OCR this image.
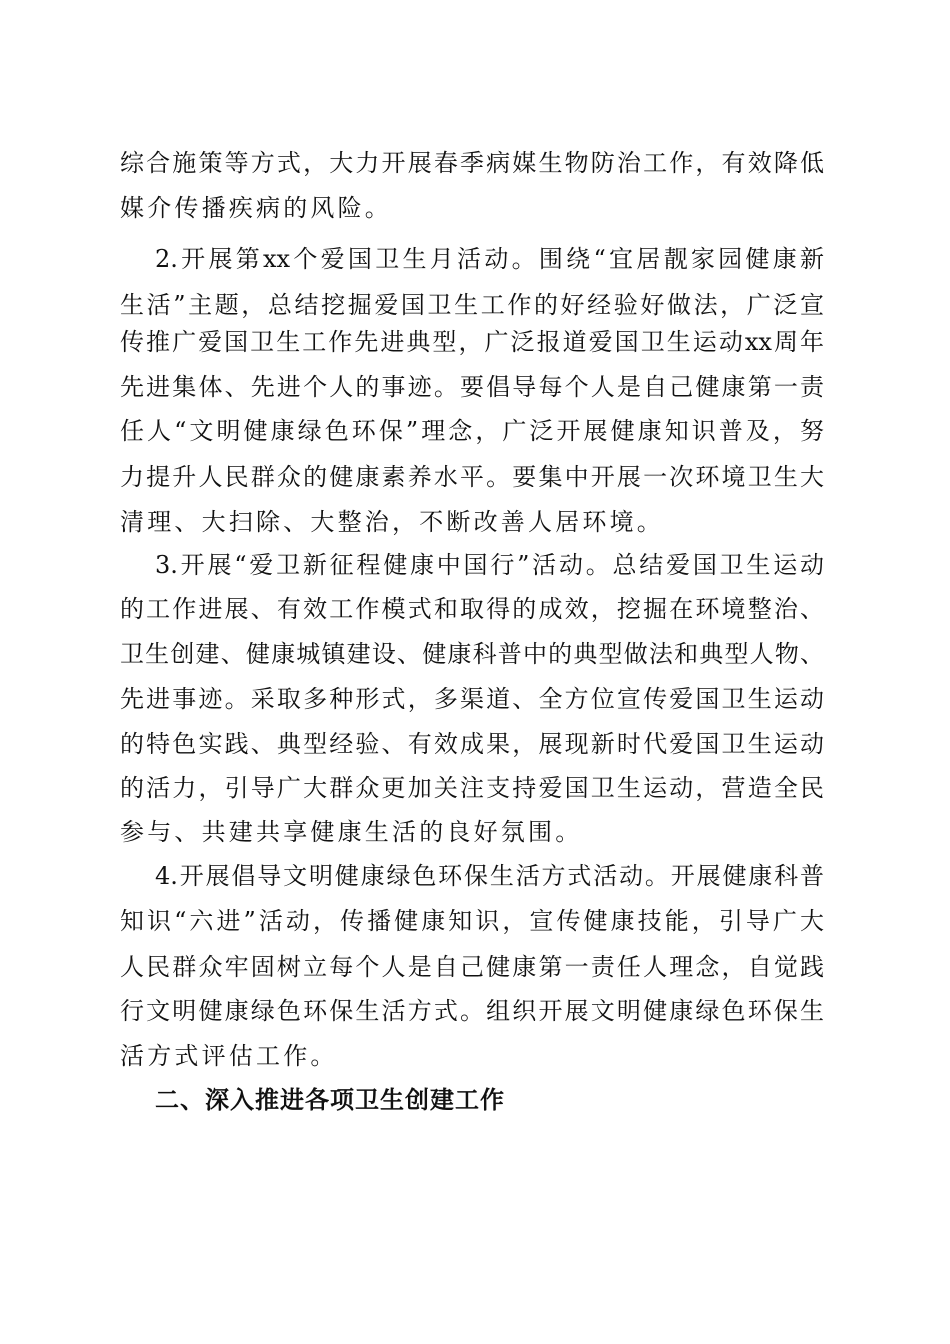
综合施策等方式，大力开展春季病媒生物防治工作，有效降低
媒介传播疾病的风险。
2.开展第xx个爱国卫生月活动。围绕“宜居靓家园健康新
生活”主题，总结挖掘爱国卫生工作的好经验好做法，广泛宣
传推广爱国卫生工作先进典型，广泛报道爱国卫生运动xx周年
先进集体、先进个人的事迹。要倡导每个人是自己健康第一责
任人“文明健康绿色环保”理念，广泛开展健康知识普及，努
力提升人民群众的健康素养水平。要集中开展一次环境卫生大
清理、大扫除、大整治，不断改善人居环境。
3.开展“爱卫新征程健康中国行”活动。总结爱国卫生运动
的工作进展、有效工作模式和取得的成效，挖掘在环境整治、
卫生创建、健康城镇建设、健康科普中的典型做法和典型人物、
先进事迹。采取多种形式，多渠道、全方位宣传爱国卫生运动
的特色实践、典型经验、有效成果，展现新时代爱国卫生运动
的活力，引导广大群众更加关注支持爱国卫生运动，营造全民
参与、共建共享健康生活的良好氛围。
4.开展倡导文明健康绿色环保生活方式活动。开展健康科普
知识“六进”活动，传播健康知识，宣传健康技能，引导广大
人民群众牢固树立每个人是自己健康第一责任人理念，自觉践
行文明健康绿色环保生活方式。组织开展文明健康绿色环保生
活方式评估工作。
二、深入推进各项卫生创建工作
